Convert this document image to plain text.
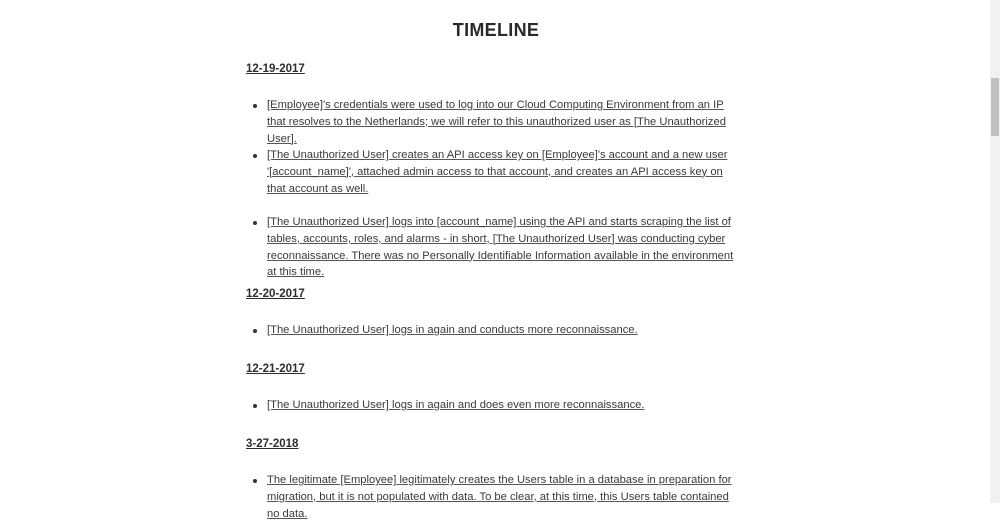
TIMELINE
12-19-2017
[Employee]'s credentials were used to log into our Cloud Computing Environment from an IP that resolves to the Netherlands; we will refer to this unauthorized user as [The Unauthorized User].
[The Unauthorized User] creates an API access key on [Employee]'s account and a new user '[account_name]', attached admin access to that account, and creates an API access key on that account as well.
[The Unauthorized User] logs into [account_name] using the API and starts scraping the list of tables, accounts, roles, and alarms - in short, [The Unauthorized User] was conducting cyber reconnaissance. There was no Personally Identifiable Information available in the environment at this time.
12-20-2017
[The Unauthorized User] logs in again and conducts more reconnaissance.
12-21-2017
[The Unauthorized User] logs in again and does even more reconnaissance.
3-27-2018
The legitimate [Employee] legitimately creates the Users table in a database in preparation for migration, but it is not populated with data. To be clear, at this time, this Users table contained no data.
